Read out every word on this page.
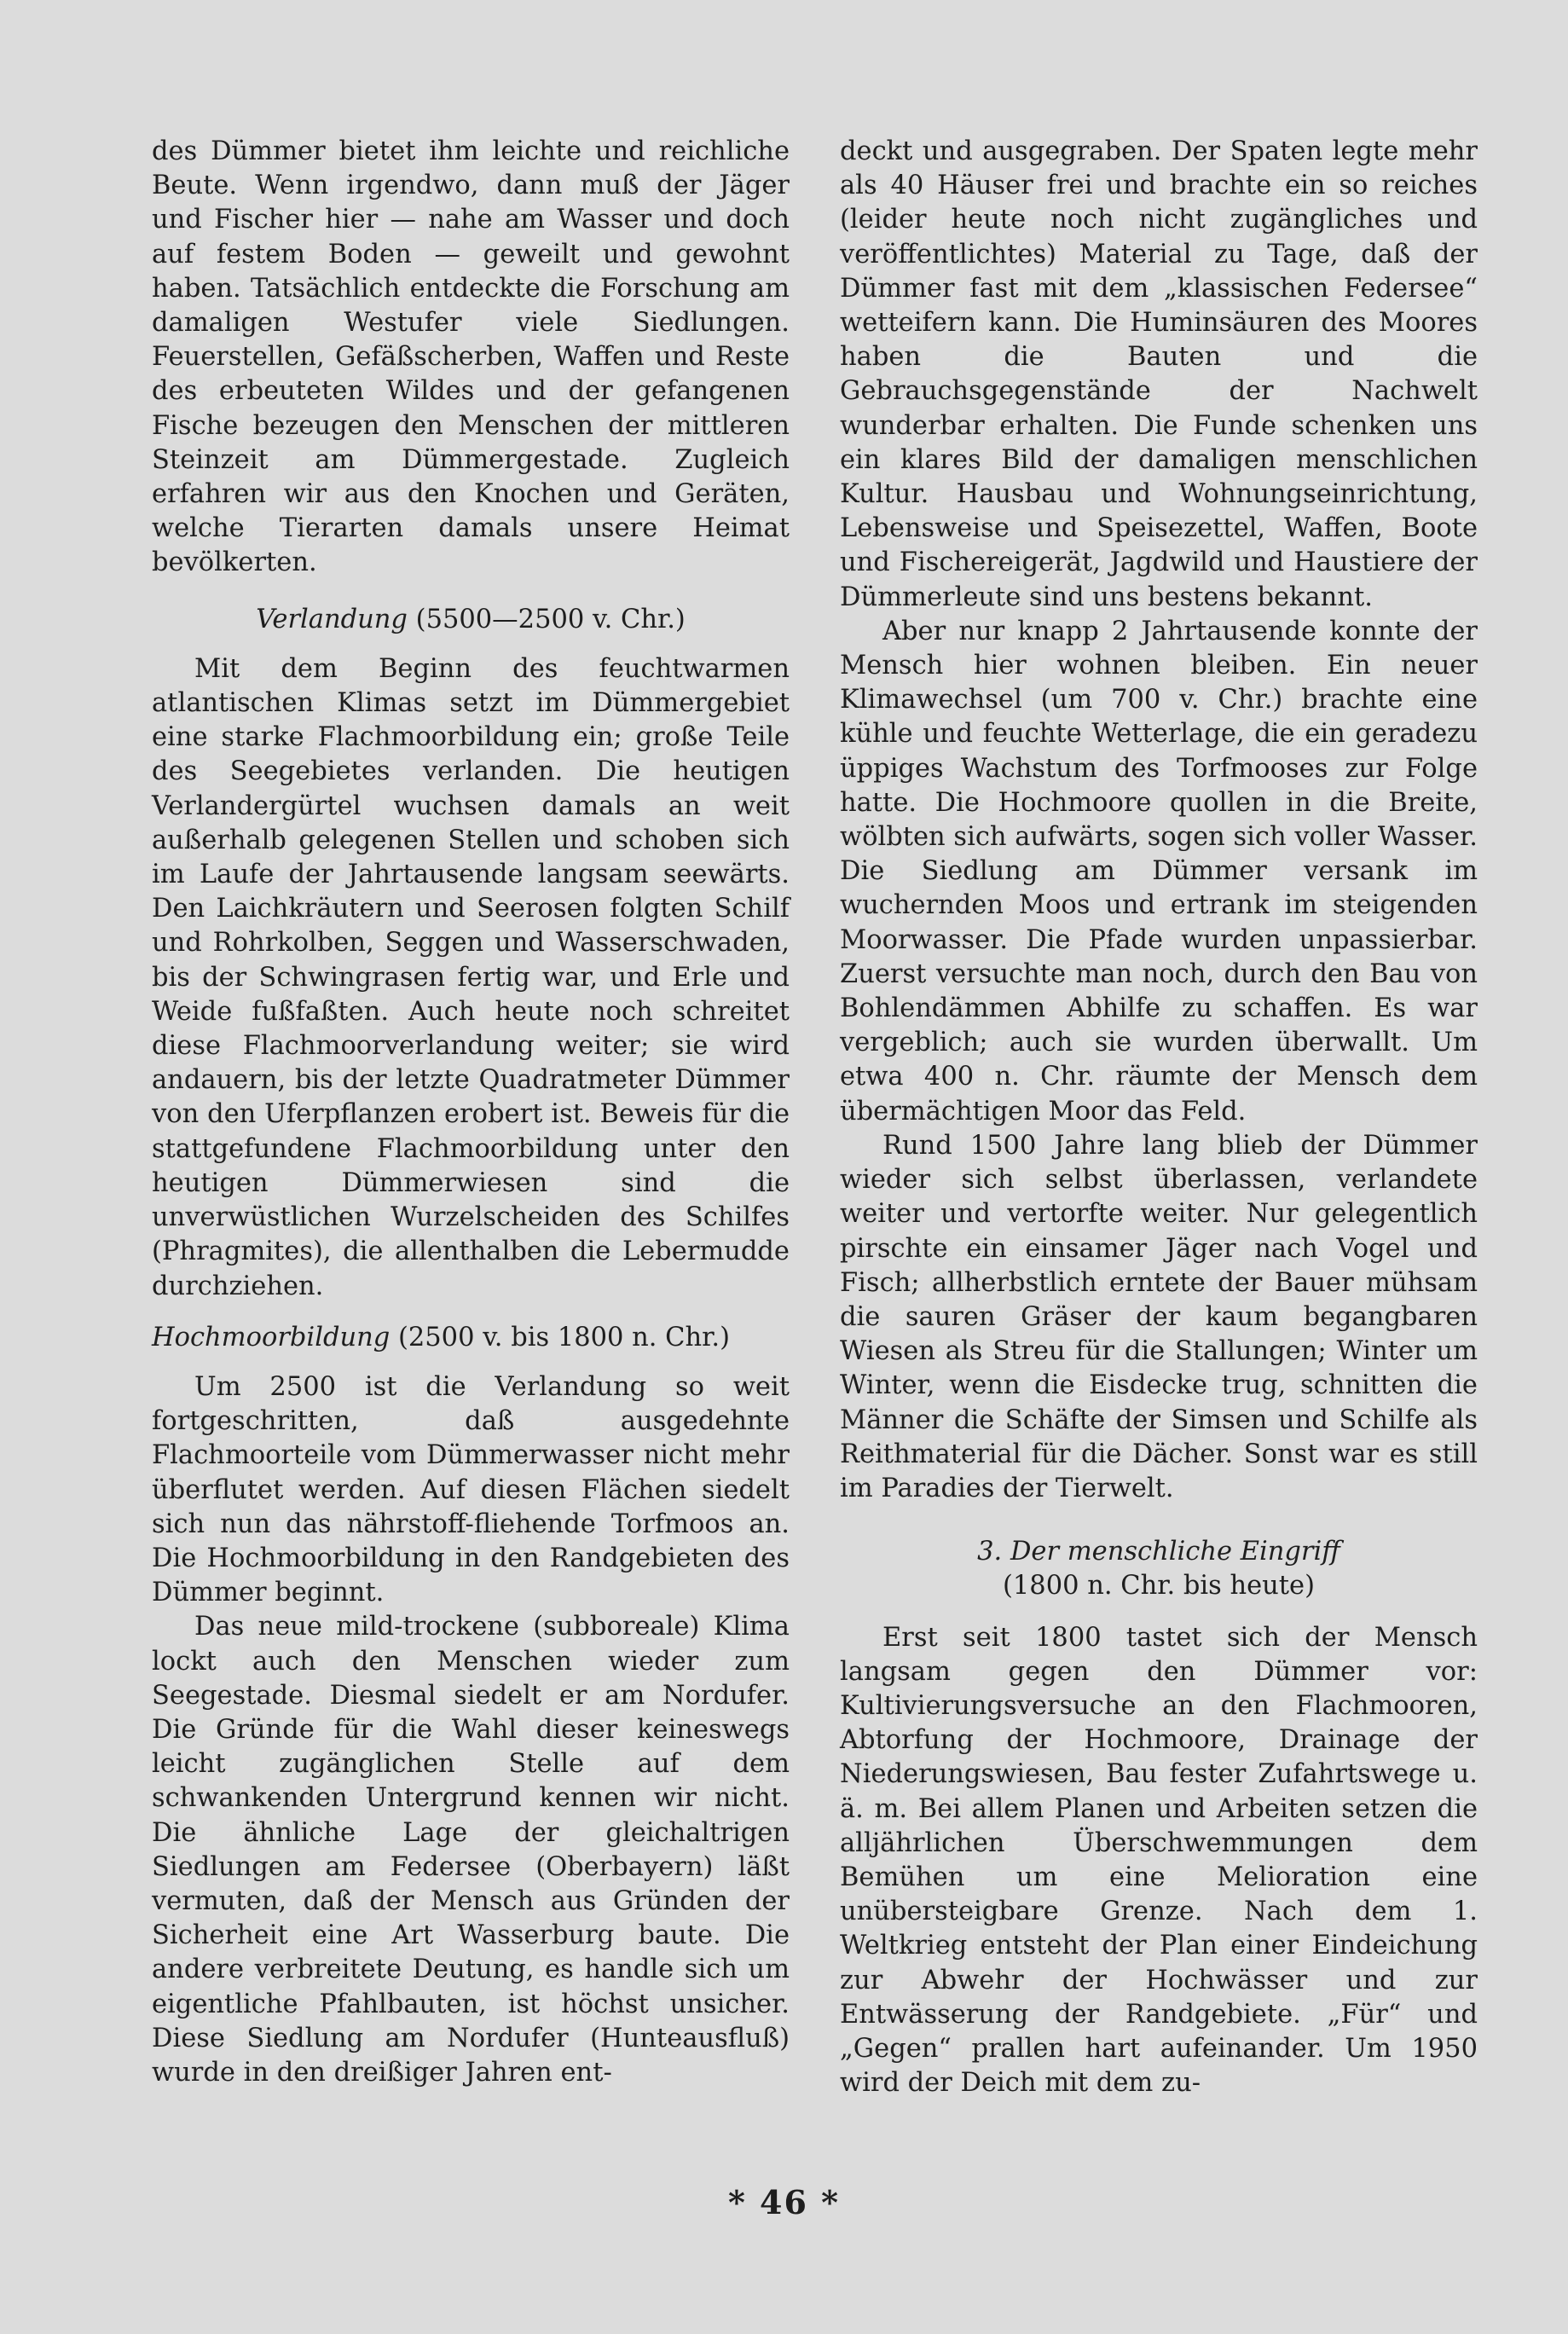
des Dümmer bietet ihm leichte und reichliche Beute. Wenn irgendwo, dann muß der Jäger und Fischer hier — nahe am Wasser und doch auf festem Boden — geweilt und gewohnt haben. Tatsächlich entdeckte die Forschung am damaligen Westufer viele Siedlungen. Feuerstellen, Gefäßscherben, Waffen und Reste des erbeuteten Wildes und der gefangenen Fische bezeugen den Menschen der mittleren Steinzeit am Dümmergestade. Zugleich erfahren wir aus den Knochen und Geräten, welche Tierarten damals unsere Heimat bevölkerten.

Verlandung (5500—2500 v. Chr.)

Mit dem Beginn des feuchtwarmen atlantischen Klimas setzt im Dümmergebiet eine starke Flachmoorbildung ein; große Teile des Seegebietes verlanden. Die heutigen Verlandergürtel wuchsen damals an weit außerhalb gelegenen Stellen und schoben sich im Laufe der Jahrtausende langsam seewärts. Den Laichkräutern und Seerosen folgten Schilf und Rohrkolben, Seggen und Wasserschwaden, bis der Schwingrasen fertig war, und Erle und Weide fußfaßten. Auch heute noch schreitet diese Flachmoorverlandung weiter; sie wird andauern, bis der letzte Quadratmeter Dümmer von den Uferpflanzen erobert ist. Beweis für die stattgefundene Flachmoorbildung unter den heutigen Dümmerwiesen sind die unverwüstlichen Wurzelscheiden des Schilfes (Phragmites), die allenthalben die Lebermudde durchziehen.

Hochmoorbildung (2500 v. bis 1800 n. Chr.)

Um 2500 ist die Verlandung so weit fortgeschritten, daß ausgedehnte Flachmoorteile vom Dümmerwasser nicht mehr überflutet werden. Auf diesen Flächen siedelt sich nun das nährstoff-fliehende Torfmoos an. Die Hochmoorbildung in den Randgebieten des Dümmer beginnt.

Das neue mild-trockene (subboreale) Klima lockt auch den Menschen wieder zum Seegestade. Diesmal siedelt er am Nordufer. Die Gründe für die Wahl dieser keineswegs leicht zugänglichen Stelle auf dem schwankenden Untergrund kennen wir nicht. Die ähnliche Lage der gleichaltrigen Siedlungen am Federsee (Oberbayern) läßt vermuten, daß der Mensch aus Gründen der Sicherheit eine Art Wasserburg baute. Die andere verbreitete Deutung, es handle sich um eigentliche Pfahlbauten, ist höchst unsicher. Diese Siedlung am Nordufer (Hunteausfluß) wurde in den dreißiger Jahren ent-

deckt und ausgegraben. Der Spaten legte mehr als 40 Häuser frei und brachte ein so reiches (leider heute noch nicht zugängliches und veröffentlichtes) Material zu Tage, daß der Dümmer fast mit dem „klassischen Federsee“ wetteifern kann. Die Huminsäuren des Moores haben die Bauten und die Gebrauchsgegenstände der Nachwelt wunderbar erhalten. Die Funde schenken uns ein klares Bild der damaligen menschlichen Kultur. Hausbau und Wohnungseinrichtung, Lebensweise und Speisezettel, Waffen, Boote und Fischereigerät, Jagdwild und Haustiere der Dümmerleute sind uns bestens bekannt.

Aber nur knapp 2 Jahrtausende konnte der Mensch hier wohnen bleiben. Ein neuer Klimawechsel (um 700 v. Chr.) brachte eine kühle und feuchte Wetterlage, die ein geradezu üppiges Wachstum des Torfmooses zur Folge hatte. Die Hochmoore quollen in die Breite, wölbten sich aufwärts, sogen sich voller Wasser. Die Siedlung am Dümmer versank im wuchernden Moos und ertrank im steigenden Moorwasser. Die Pfade wurden unpassierbar. Zuerst versuchte man noch, durch den Bau von Bohlendämmen Abhilfe zu schaffen. Es war vergeblich; auch sie wurden überwallt. Um etwa 400 n. Chr. räumte der Mensch dem übermächtigen Moor das Feld.

Rund 1500 Jahre lang blieb der Dümmer wieder sich selbst überlassen, verlandete weiter und vertorfte weiter. Nur gelegentlich pirschte ein einsamer Jäger nach Vogel und Fisch; allherbstlich erntete der Bauer mühsam die sauren Gräser der kaum begangbaren Wiesen als Streu für die Stallungen; Winter um Winter, wenn die Eisdecke trug, schnitten die Männer die Schäfte der Simsen und Schilfe als Reithmaterial für die Dächer. Sonst war es still im Paradies der Tierwelt.

3. Der menschliche Eingriff

(1800 n. Chr. bis heute)

Erst seit 1800 tastet sich der Mensch langsam gegen den Dümmer vor: Kultivierungsversuche an den Flachmooren, Abtorfung der Hochmoore, Drainage der Niederungswiesen, Bau fester Zufahrtswege u. ä. m. Bei allem Planen und Arbeiten setzen die alljährlichen Überschwemmungen dem Bemühen um eine Melioration eine unübersteigbare Grenze. Nach dem 1. Weltkrieg entsteht der Plan einer Eindeichung zur Abwehr der Hochwässer und zur Entwässerung der Randgebiete. „Für“ und „Gegen“ prallen hart aufeinander. Um 1950 wird der Deich mit dem zu-

* 46 *
